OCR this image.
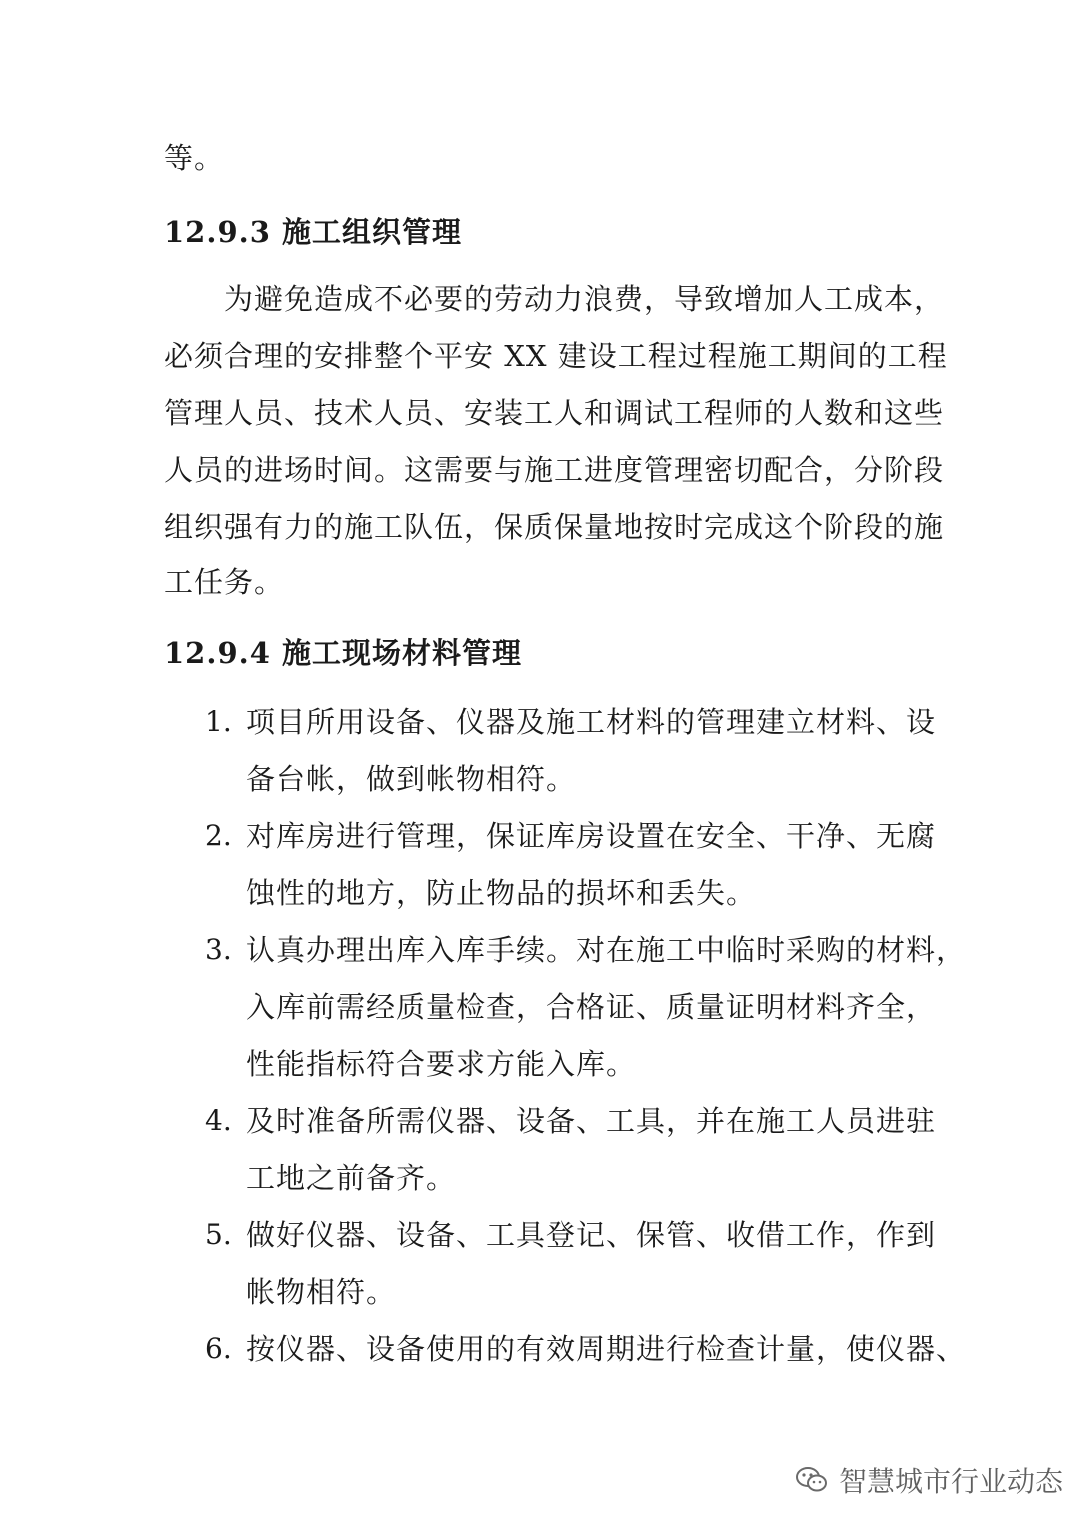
等。
12.9.3 施工组织管理
为避免造成不必要的劳动力浪费，导致增加人工成本，
必须合理的安排整个平安 XX 建设工程过程施工期间的工程
管理人员、技术人员、安装工人和调试工程师的人数和这些
人员的进场时间。这需要与施工进度管理密切配合，分阶段
组织强有力的施工队伍，保质保量地按时完成这个阶段的施
工任务。
12.9.4 施工现场材料管理
1. 项目所用设备、仪器及施工材料的管理建立材料、设
备台帐，做到帐物相符。
2. 对库房进行管理，保证库房设置在安全、干净、无腐
蚀性的地方，防止物品的损坏和丢失。
3. 认真办理出库入库手续。对在施工中临时采购的材料，
入库前需经质量检查，合格证、质量证明材料齐全，
性能指标符合要求方能入库。
4. 及时准备所需仪器、设备、工具，并在施工人员进驻
工地之前备齐。
5. 做好仪器、设备、工具登记、保管、收借工作，作到
帐物相符。
6. 按仪器、设备使用的有效周期进行检查计量，使仪器、
智慧城市行业动态
